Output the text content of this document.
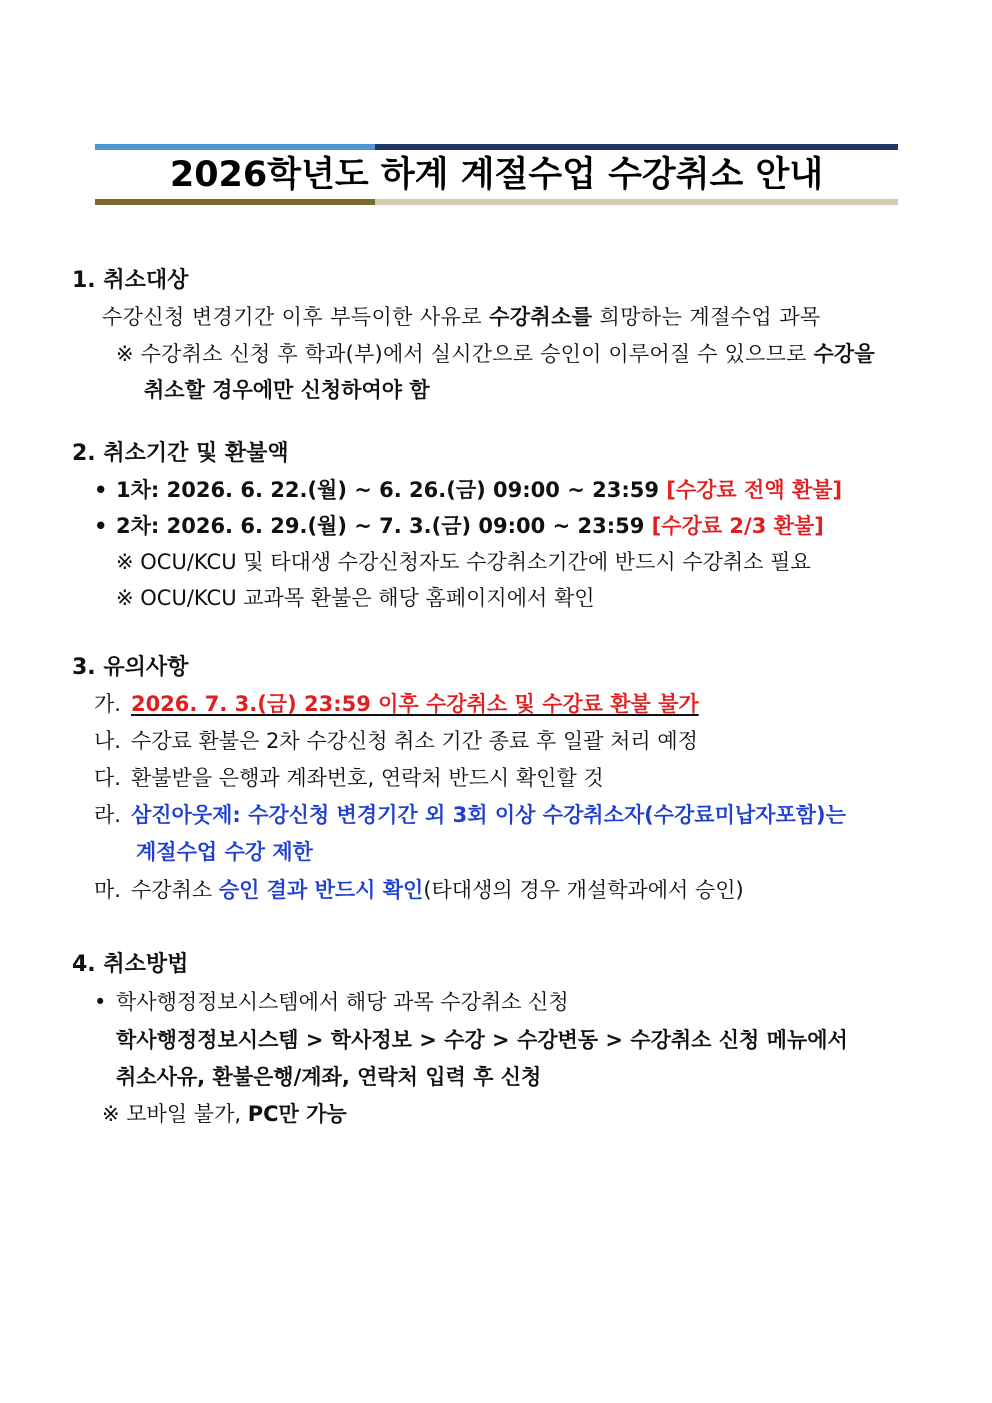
2026학년도 하계 계절수업 수강취소 안내
1. 취소대상
수강신청 변경기간 이후 부득이한 사유로 수강취소를 희망하는 계절수업 과목
※ 수강취소 신청 후 학과(부)에서 실시간으로 승인이 이루어질 수 있으므로 수강을
취소할 경우에만 신청하여야 함
2. 취소기간 및 환불액
• 1차: 2026. 6. 22.(월) ~ 6. 26.(금) 09:00 ~ 23:59 [수강료 전액 환불]
• 2차: 2026. 6. 29.(월) ~ 7. 3.(금) 09:00 ~ 23:59 [수강료 2/3 환불]
※ OCU/KCU 및 타대생 수강신청자도 수강취소기간에 반드시 수강취소 필요
※ OCU/KCU 교과목 환불은 해당 홈페이지에서 확인
3. 유의사항
가. 2026. 7. 3.(금) 23:59 이후 수강취소 및 수강료 환불 불가
나. 수강료 환불은 2차 수강신청 취소 기간 종료 후 일괄 처리 예정
다. 환불받을 은행과 계좌번호, 연락처 반드시 확인할 것
라. 삼진아웃제: 수강신청 변경기간 외 3회 이상 수강취소자(수강료미납자포함)는
계절수업 수강 제한
마. 수강취소 승인 결과 반드시 확인(타대생의 경우 개설학과에서 승인)
4. 취소방법
• 학사행정정보시스템에서 해당 과목 수강취소 신청
학사행정정보시스템 > 학사정보 > 수강 > 수강변동 > 수강취소 신청 메뉴에서
취소사유, 환불은행/계좌, 연락처 입력 후 신청
※ 모바일 불가, PC만 가능
